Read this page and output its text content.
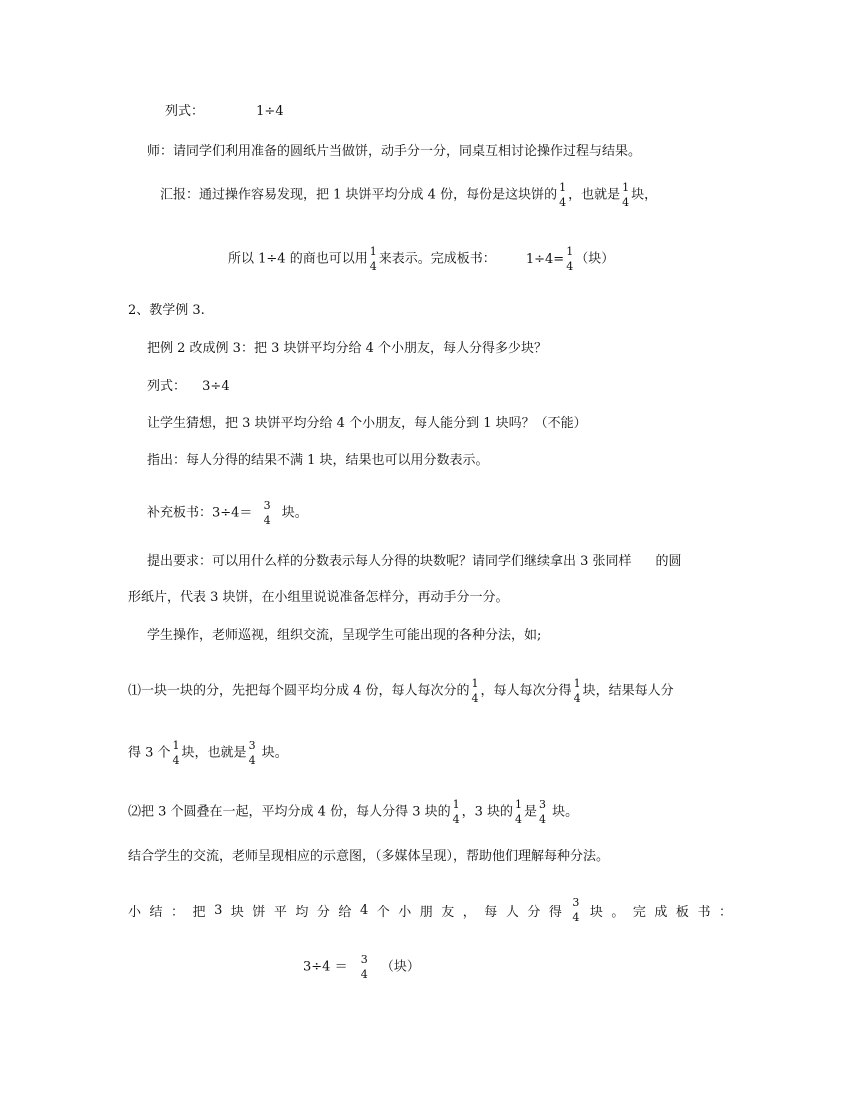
列式：	1÷4
师：请同学们利用准备的圆纸片当做饼，动手分一分，同桌互相讨论操作过程与结果。
汇报：通过操作容易发现，把 1 块饼平均分成 4 份，每份是这块饼的 1
4 ，也就是 1
4 块，
所以 1÷4 的商也可以用 1
4 来表示。完成板书： 1÷4= 1
4 （块）
2、教学例 3.
把例 2 改成例 3：把 3 块饼平均分给 4 个小朋友，每人分得多少块？
列式： 3÷4
让学生猜想，把 3 块饼平均分给 4 个小朋友，每人能分到 1 块吗？（不能）
指出：每人分得的结果不满 1 块，结果也可以用分数表示。
补充板书：3÷4＝ 3
4 块。
提出要求：可以用什么样的分数表示每人分得的块数呢？请同学们继续拿出 3 张同样 的圆
形纸片，代表 3 块饼，在小组里说说准备怎样分，再动手分一分。
学生操作，老师巡视，组织交流，呈现学生可能出现的各种分法，如;
⑴一块一块的分，先把每个圆平均分成 4 份，每人每次分的 1
4 ，每人每次分得 1
4 块，结果每人分
得 3 个 1
4 块，也就是 3
4 块。
⑵把 3 个圆叠在一起，平均分成 4 份，每人分得 3 块的 1
4 ，3 块的 1
4 是 3
4 块。
结合学生的交流，老师呈现相应的示意图，（多媒体呈现），帮助他们理解每种分法。
小 结 ： 把 3 块 饼 平 均 分 给 4 个 小 朋 友 ， 每 人 分 得
3
4 块 。 完 成 板 书 ：
3÷4 ＝ 3
4 （块）
